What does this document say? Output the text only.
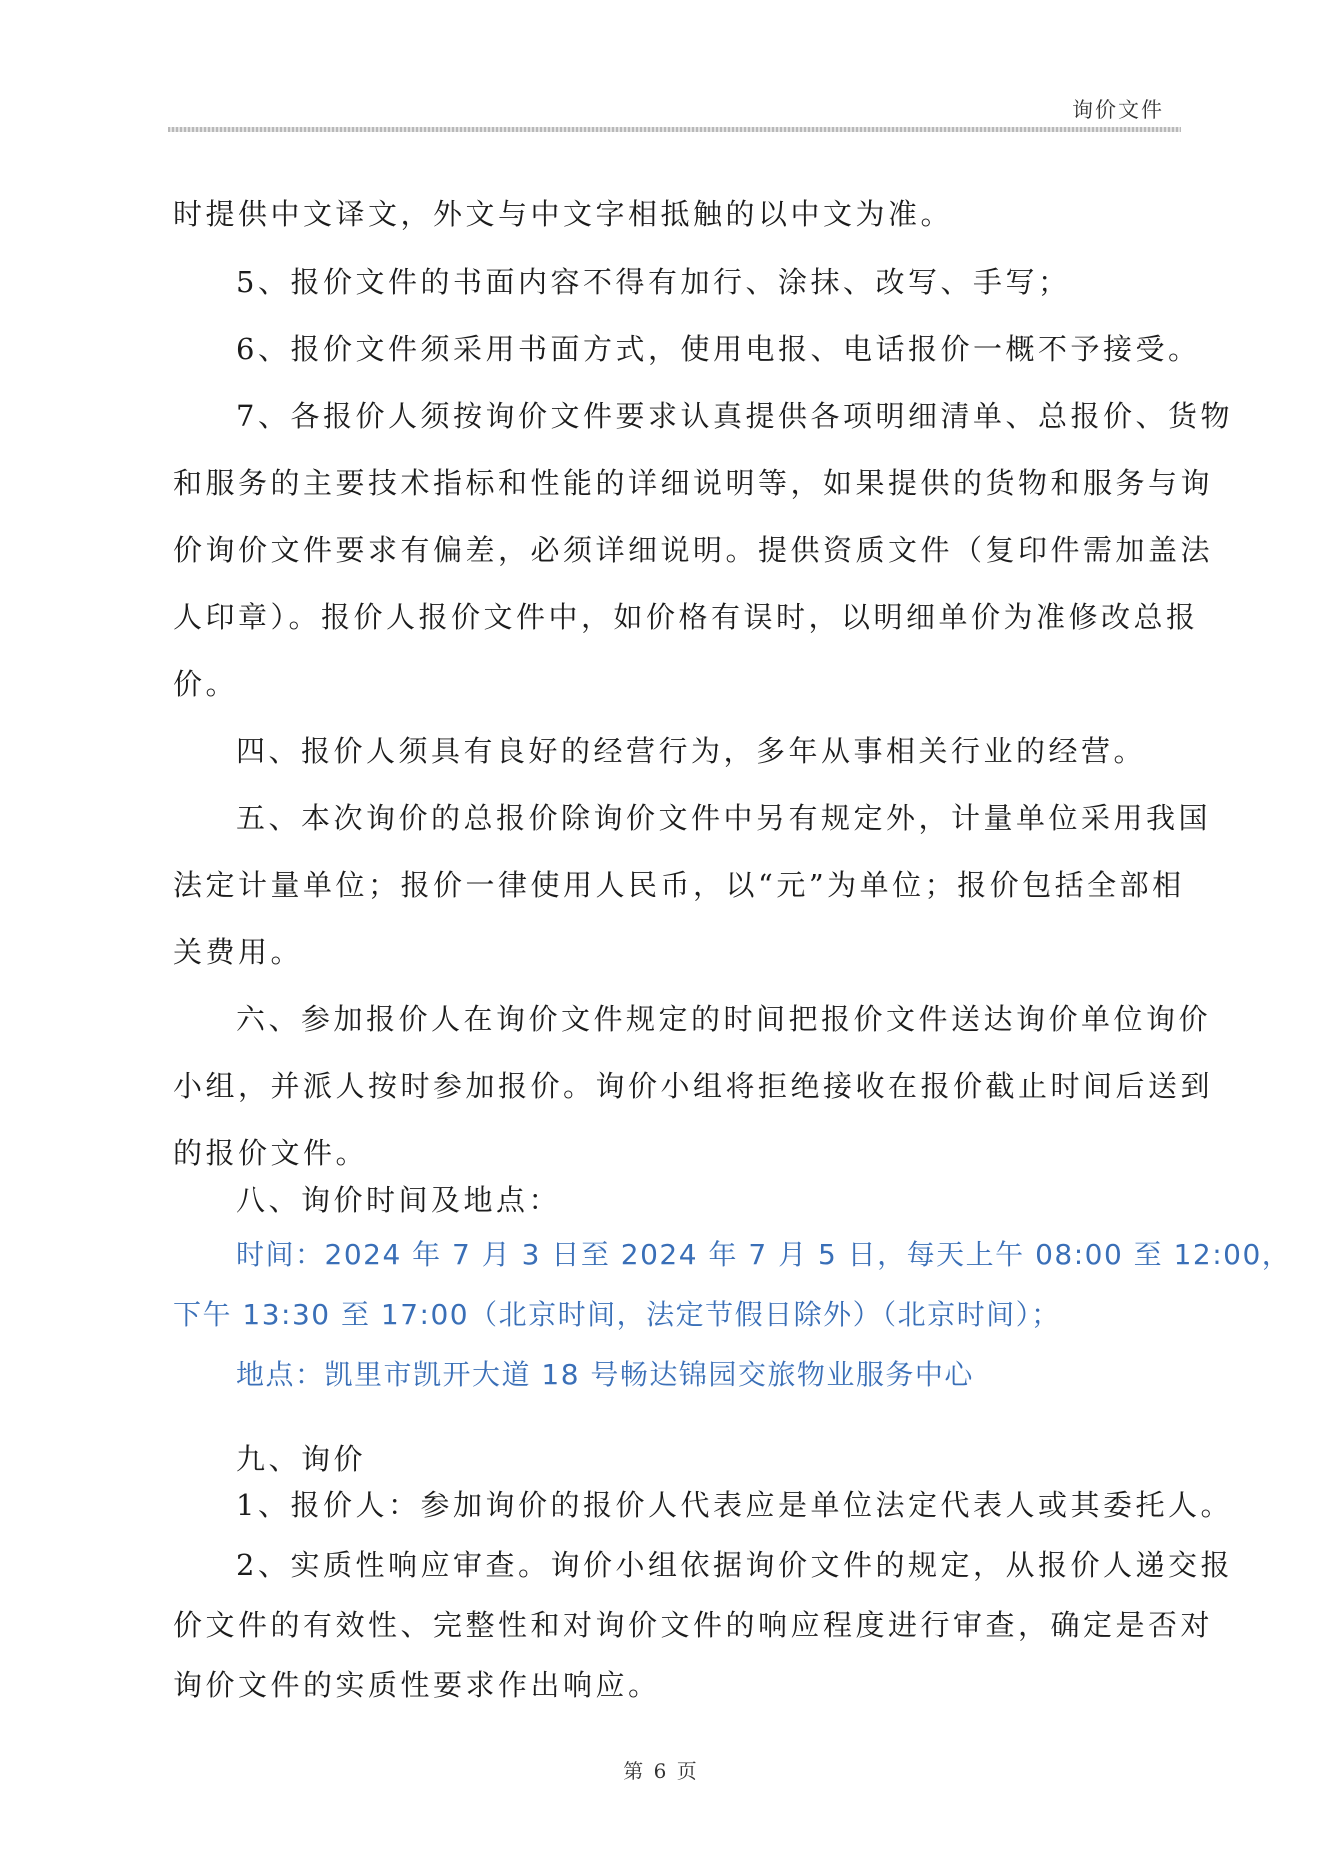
询价文件

时提供中文译文，外文与中文字相抵触的以中文为准。

5、报价文件的书面内容不得有加行、涂抹、改写、手写；

6、报价文件须采用书面方式，使用电报、电话报价一概不予接受。

7、各报价人须按询价文件要求认真提供各项明细清单、总报价、货物

和服务的主要技术指标和性能的详细说明等，如果提供的货物和服务与询

价询价文件要求有偏差，必须详细说明。提供资质文件（复印件需加盖法

人印章）。报价人报价文件中，如价格有误时，以明细单价为准修改总报

价。

四、报价人须具有良好的经营行为，多年从事相关行业的经营。

五、本次询价的总报价除询价文件中另有规定外，计量单位采用我国

法定计量单位；报价一律使用人民币，以“元”为单位；报价包括全部相

关费用。

六、参加报价人在询价文件规定的时间把报价文件送达询价单位询价

小组，并派人按时参加报价。询价小组将拒绝接收在报价截止时间后送到

的报价文件。

八、询价时间及地点：

时间：2024 年 7 月 3 日至 2024 年 7 月 5 日，每天上午 08:00 至 12:00，

下午 13:30 至 17:00（北京时间，法定节假日除外）（北京时间）；

地点：凯里市凯开大道 18 号畅达锦园交旅物业服务中心

九、询价

1、报价人：参加询价的报价人代表应是单位法定代表人或其委托人。

2、实质性响应审查。询价小组依据询价文件的规定，从报价人递交报

价文件的有效性、完整性和对询价文件的响应程度进行审查，确定是否对

询价文件的实质性要求作出响应。

第 6 页
